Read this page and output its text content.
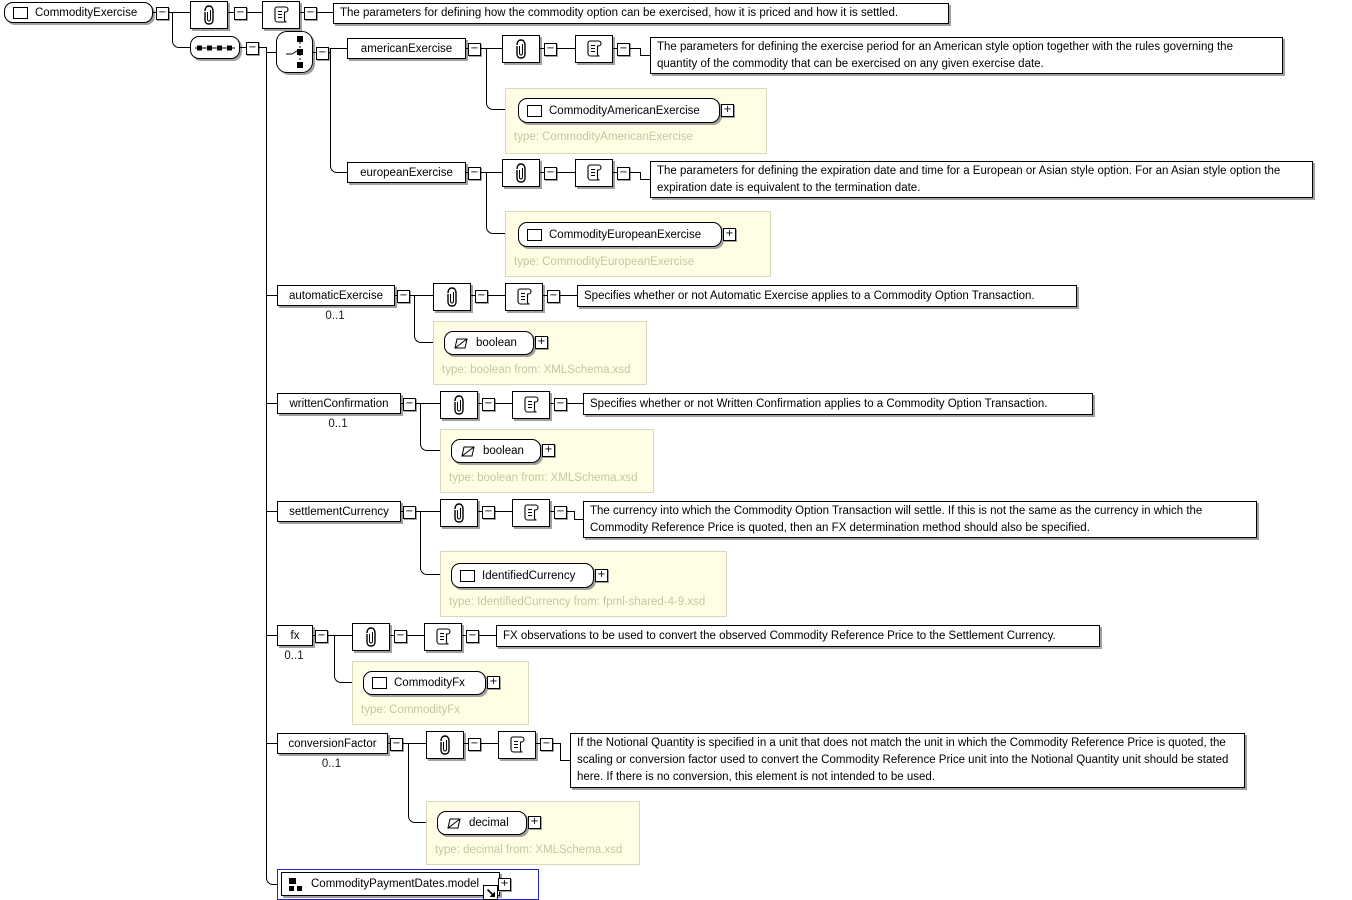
CommodityExercise −	−	− The parameters for defining how the commodity option can be exercised, how it is priced and how it is settled.
−	−	americanExercise −	−	−	The parameters for defining the exercise period for an American style option together with the rules governing the quantity of the commodity that can be exercised on any given exercise date.
CommodityAmericanExercise +
type: CommodityAmericanExercise
europeanExercise −	−	−	The parameters for defining the expiration date and time for a European or Asian style option. For an Asian style option the expiration date is equivalent to the termination date.
CommodityEuropeanExercise +
type: CommodityEuropeanExercise
automaticExercise
0..1
−	−	− Specifies whether or not Automatic Exercise applies to a Commodity Option Transaction.
boolean +
type: boolean from: XMLSchema.xsd
writtenConfirmation
0..1
−	−	− Specifies whether or not Written Confirmation applies to a Commodity Option Transaction.
boolean +
type: boolean from: XMLSchema.xsd
settlementCurrency −	−	− The currency into which the Commodity Option Transaction will settle. If this is not the same as the currency in which the Commodity Reference Price is quoted, then an FX determination method should also be specified.
IdentifiedCurrency +
type: IdentifiedCurrency from: fpml-shared-4-9.xsd
fx −
0..1
−	− FX observations to be used to convert the observed Commodity Reference Price to the Settlement Currency.
CommodityFx +
type: CommodityFx
conversionFactor
0..1
−	−	− If the Notional Quantity is specified in a unit that does not match the unit in which the Commodity Reference Price is quoted, the scaling or conversion factor used to convert the Commodity Reference Price unit into the Notional Quantity unit should be stated here. If there is no conversion, this element is not intended to be used.
decimal +
type: decimal from: XMLSchema.xsd
CommodityPaymentDates.model +
